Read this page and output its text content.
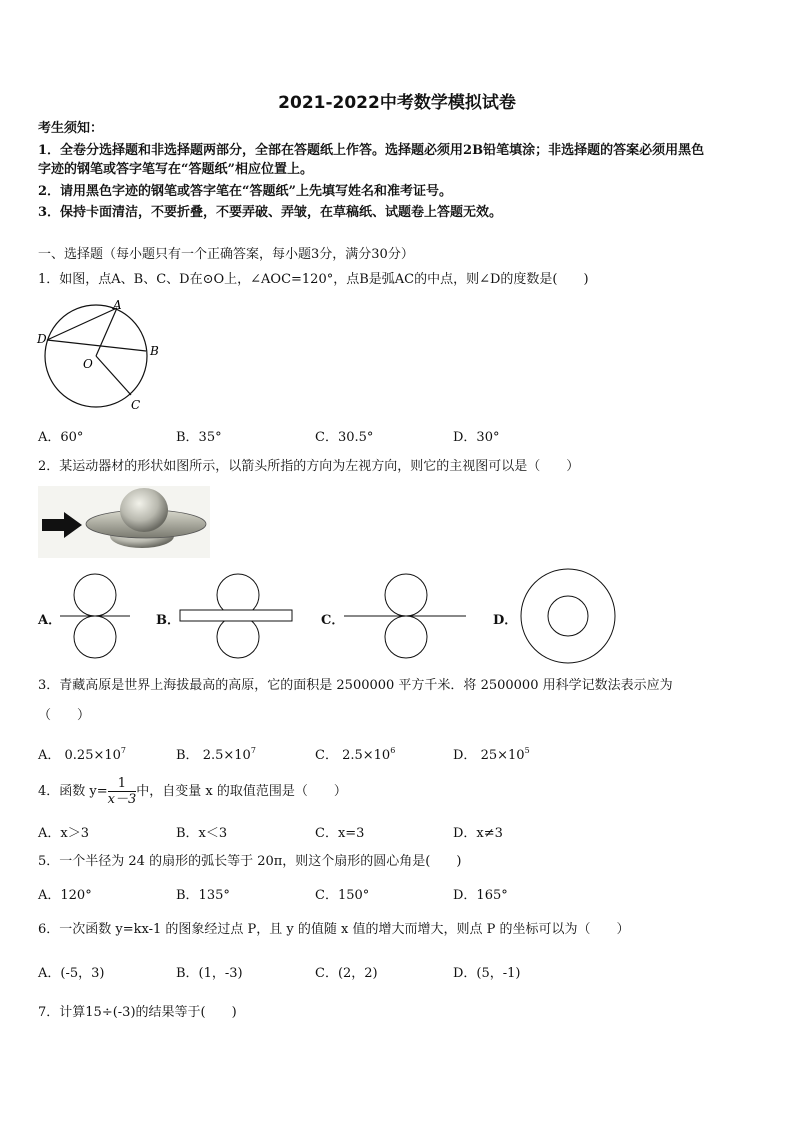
2021-2022中考数学模拟试卷
考生须知：
1．全卷分选择题和非选择题两部分，全部在答题纸上作答。选择题必须用2B铅笔填涂；非选择题的答案必须用黑色
字迹的钢笔或答字笔写在“答题纸”相应位置上。
2．请用黑色字迹的钢笔或答字笔在“答题纸”上先填写姓名和准考证号。
3．保持卡面清洁，不要折叠，不要弄破、弄皱，在草稿纸、试题卷上答题无效。
一、选择题（每小题只有一个正确答案，每小题3分，满分30分）
1．如图，点A、B、C、D在⊙O上，∠AOC=120°，点B是弧AC的中点，则∠D的度数是(　　)
A
B
C
D
O
A．60°	B．35°	C．30.5°	D．30°
2．某运动器材的形状如图所示，以箭头所指的方向为左视方向，则它的主视图可以是（　　）
A．	B．	C．	D．
3．青藏高原是世界上海拔最高的高原，它的面积是 2500000 平方千米．将 2500000 用科学记数法表示应为
（　　）
A． $0.25\times 10^7$	B． $2.5\times 10^7$	C． $2.5\times 10^6$	D． $25\times 10^5$
4．函数 $y= \frac{1}{x-3}$ 中，自变量 x 的取值范围是（　　）
A．x＞3	B．x＜3	C．x=3	D．x≠3
5．一个半径为 24 的扇形的弧长等于 20π，则这个扇形的圆心角是(　　)
A．120°	B．135°	C．150°	D．165°
6．一次函数 y=kx-1 的图象经过点 P，且 y 的值随 x 值的增大而增大，则点 P 的坐标可以为（　　）
A．(-5，3)	B．(1，-3)	C．(2，2)	D．(5，-1)
7．计算15÷(-3)的结果等于(　　)
